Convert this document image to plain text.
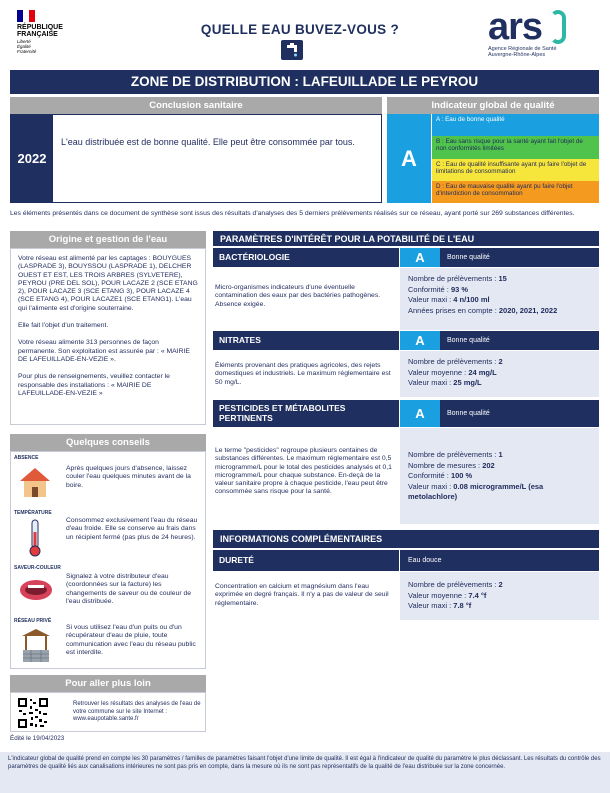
RÉPUBLIQUE
FRANÇAISE
Liberté
Égalité
Fraternité
QUELLE EAU BUVEZ-VOUS ?	ars
Agence Régionale de Santé
Auvergne-Rhône-Alpes
ZONE DE DISTRIBUTION : LAFEUILLADE LE PEYROU
Conclusion sanitaire
2022
L'eau distribuée est de bonne qualité. Elle peut être consommée par tous.
Indicateur global de qualité
A
A : Eau de bonne qualité
B : Eau sans risque pour la santé ayant fait l'objet de non conformités limitées
C : Eau de qualité insuffisante ayant pu faire l'objet de limitations de consommation
D : Eau de mauvaise qualité ayant pu faire l'objet d'interdiction de consommation
Les éléments présentés dans ce document de synthèse sont issus des résultats d'analyses des 5 derniers prélèvements réalisés sur ce réseau, ayant porté sur 269 substances différentes.
Origine et gestion de l'eau

Votre réseau est alimenté par les captages : BOUYGUES (LASPRADE 3), BOUYSSOU (LASPRADE 1), DELCHER OUEST ET EST, LES TROIS ARBRES (SYLVETERE), PEYROU (PRE DEL SOL), POUR LACAZE 2 (SCE ETANG 2), POUR LACAZE 3 (SCE ETANG 3), POUR LACAZE 4 (SCE ETANG 4), POUR LACAZE1 (SCE ETANG1). L'eau qui l'alimente est d'origine souterraine.

Elle fait l'objet d'un traitement.

Votre réseau alimente 313 personnes de façon permanente. Son exploitation est assurée par : « MAIRIE DE LAFEUILLADE-EN-VEZIE ».

Pour plus de renseignements, veuillez contacter le responsable des installations : « MAIRIE DE LAFEUILLADE-EN-VEZIE »

Quelques conseils
ABSENCE
Après quelques jours d'absence, laissez couler l'eau quelques minutes avant de la boire.
TEMPÉRATURE
Consommez exclusivement l'eau du réseau d'eau froide. Elle se conserve au frais dans un récipient fermé (pas plus de 24 heures).
SAVEUR-COULEUR
Signalez à votre distributeur d'eau (coordonnées sur la facture) les changements de saveur ou de couleur de l'eau distribuée.
RÉSEAU PRIVÉ
Si vous utilisez l'eau d'un puits ou d'un récupérateur d'eau de pluie, toute communication avec l'eau du réseau public est interdite.
Pour aller plus loin
Retrouver les résultats des analyses de l'eau de votre commune sur le site Internet : www.eaupotable.sante.fr
Édité le 19/04/2023
PARAMÈTRES D'INTÉRÊT POUR LA POTABILITÉ DE L'EAU
BACTÉRIOLOGIE	A	Bonne qualité
Micro-organismes indicateurs d'une éventuelle contamination des eaux par des bactéries pathogènes. Absence exigée.
Nombre de prélèvements : 15
Conformité : 93 %
Valeur maxi : 4 n/100 ml
Années prises en compte : 2020, 2021, 2022
NITRATES	A	Bonne qualité
Éléments provenant des pratiques agricoles, des rejets domestiques et industriels. Le maximum réglementaire est 50 mg/L.
Nombre de prélèvements : 2
Valeur moyenne : 24 mg/L
Valeur maxi : 25 mg/L
PESTICIDES ET MÉTABOLITES PERTINENTS	A	Bonne qualité
Le terme "pesticides" regroupe plusieurs centaines de substances différentes. Le maximum réglementaire est 0,5 microgramme/L pour le total des pesticides analysés et 0,1 microgramme/L pour chaque substance. En-deçà de la valeur sanitaire propre à chaque pesticide, l'eau peut être consommée sans risque pour la santé.
Nombre de prélèvements : 1
Nombre de mesures : 202
Conformité : 100 %
Valeur maxi : 0.08 microgramme/L (esa metolachlore)
INFORMATIONS COMPLÉMENTAIRES
DURETÉ	Eau douce
Concentration en calcium et magnésium dans l'eau exprimée en degré français. Il n'y a pas de valeur de seuil réglementaire.
Nombre de prélèvements : 2
Valeur moyenne : 7.4 °f
Valeur maxi : 7.8 °f
L'indicateur global de qualité prend en compte les 30 paramètres / familles de paramètres faisant l'objet d'une limite de qualité. Il est égal à l'indicateur de qualité du paramètre le plus déclassant. Les résultats du contrôle des paramètres de qualité liés aux canalisations intérieures ne sont pas pris en compte, dans la mesure où ils ne sont pas représentatifs de la qualité de l'eau distribuée sur la zone concernée.
